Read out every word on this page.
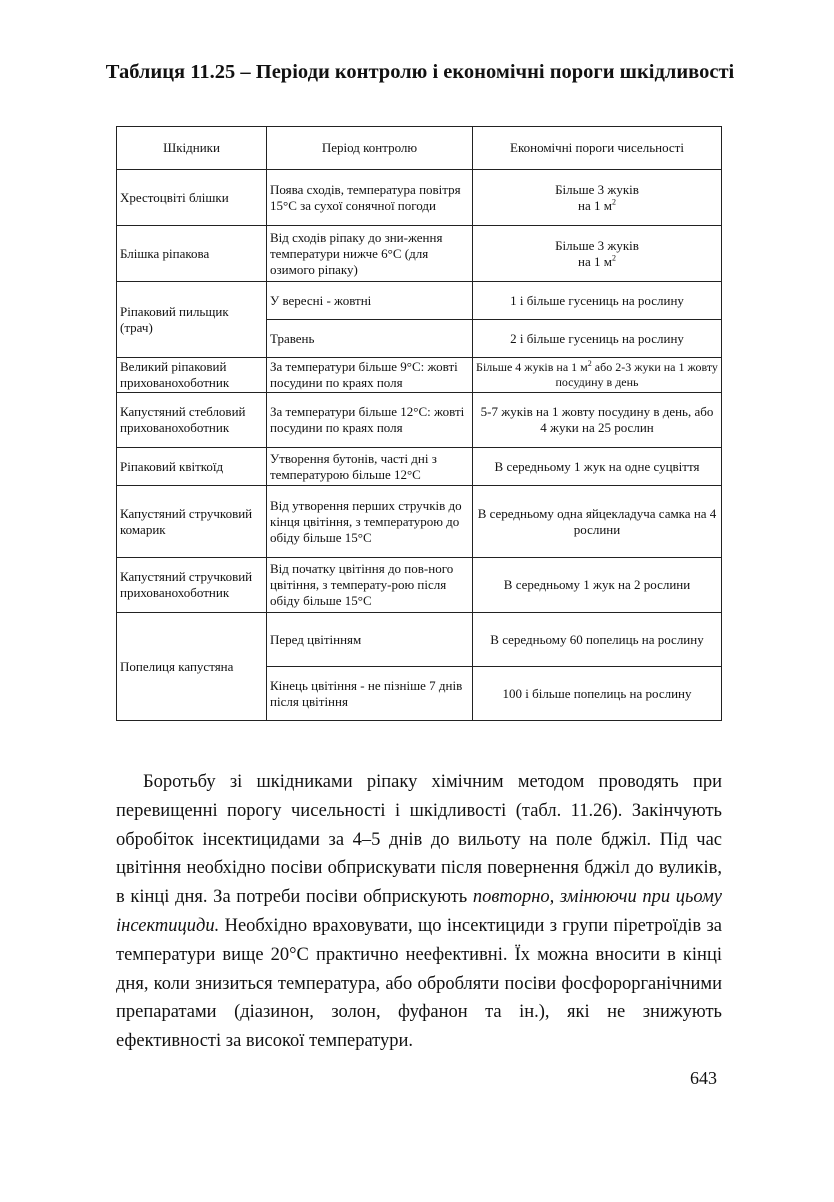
Таблиця 11.25 – Періоди контролю і економічні пороги шкідливості
Шкідники	Період контролю	Економічні пороги чисельності
Хрестоцвіті блішки	Поява сходів, температура повітря 15°С за сухої сонячної погоди	Більше 3 жуків
на 1 $м^2$
Блішка ріпакова	Від сходів ріпаку до зни-ження температури нижче 6°С (для озимого ріпаку)	Більше 3 жуків
на 1 $м^2$
Ріпаковий пильщик (трач)	У вересні - жовтні	1 і більше гусениць на рослину
	Травень	2 і більше гусениць на рослину
Великий ріпаковий прихованохоботник	За температури більше 9°С: жовті посудини по краях поля	Більше 4 жуків на 1 $м^2$ або 2-3 жуки на 1 жовту посудину в день
Капустяний стебловий прихованохоботник	За температури більше 12°С: жовті посудини по краях поля	5-7 жуків на 1 жовту посудину в день, або 4 жуки на 25 рослин
Ріпаковий квіткоїд	Утворення бутонів, часті дні з температурою більше 12°С	В середньому 1 жук на одне суцвіття
Капустяний стручковий комарик	Від утворення перших стручків до кінця цвітіння, з температурою до обіду більше 15°С	В середньому одна яйцекладуча самка на 4 рослини
Капустяний стручковий прихованохоботник	Від початку цвітіння до пов-ного цвітіння, з температу-рою після обіду більше 15°С	В середньому 1 жук на 2 рослини
Попелиця капустяна	Перед цвітінням	В середньому 60 попелиць на рослину
	Кінець цвітіння - не пізніше 7 днів після цвітіння	100 і більше попелиць на рослину
Боротьбу зі шкідниками ріпаку хімічним методом проводять при перевищенні порогу чисельності і шкідливості (табл. 11.26). Закінчують обробіток інсектицидами за 4–5 днів до вильоту на поле бджіл. Під час цвітіння необхідно посіви обприскувати після повернення бджіл до вуликів, в кінці дня. За потреби посіви обприскують повторно, змінюючи при цьому інсектициди. Необхідно враховувати, що інсектициди з групи піретроїдів за температури вище 20°С практично неефективні. Їх можна вносити в кінці дня, коли знизиться температура, або обробляти посіви фосфорорганічними препаратами (діазинон, золон, фуфанон та ін.), які не знижують ефективності за високої температури.
643
